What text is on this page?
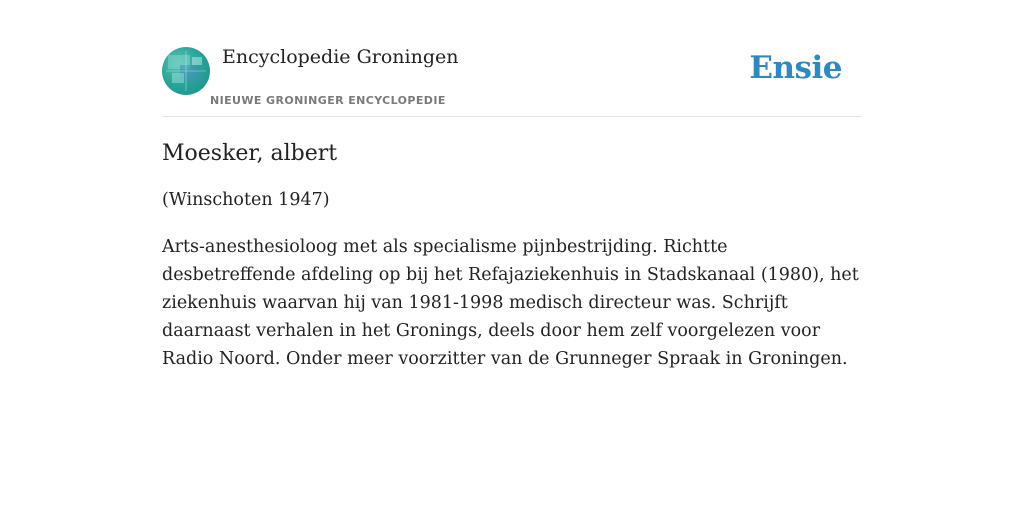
Encyclopedie Groningen
NIEUWE GRONINGER ENCYCLOPEDIE
Ensie
Moesker, albert

(Winschoten 1947)

Arts-anesthesioloog met als specialisme pijnbestrijding. Richtte desbetreffende afdeling op bij het Refajaziekenhuis in Stadskanaal (1980), het ziekenhuis waarvan hij van 1981-1998 medisch directeur was. Schrijft daarnaast verhalen in het Gronings, deels door hem zelf voorgelezen voor Radio Noord. Onder meer voorzitter van de Grunneger Spraak in Groningen.
